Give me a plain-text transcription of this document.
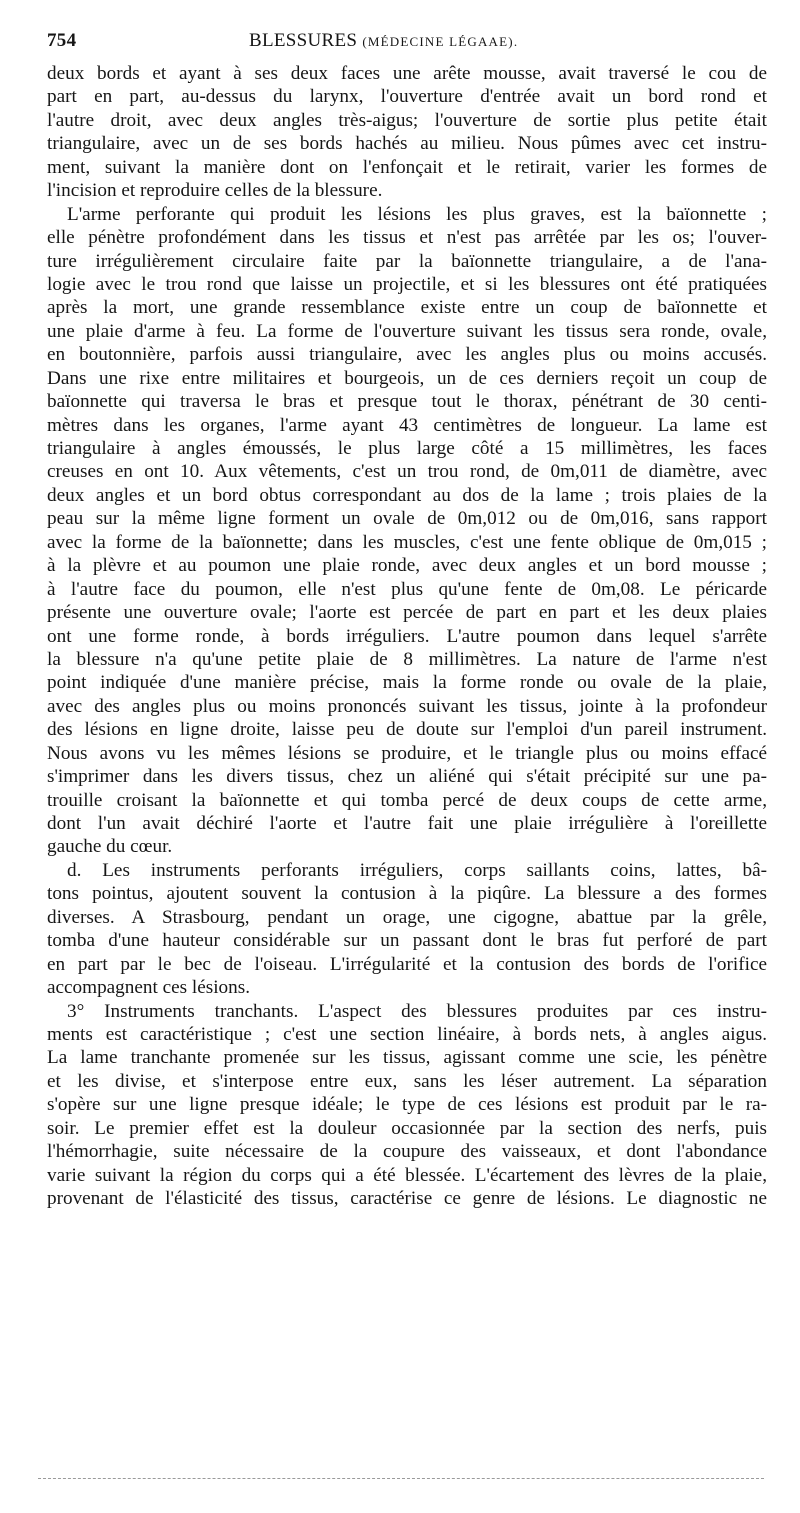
754	BLESSURES (MÉDECINE LÉGAAE).
deux bords et ayant à ses deux faces une arête mousse, avait traversé le cou de
part en part, au-dessus du larynx, l'ouverture d'entrée avait un bord rond et
l'autre droit, avec deux angles très-aigus; l'ouverture de sortie plus petite était
triangulaire, avec un de ses bords hachés au milieu. Nous pûmes avec cet instru-
ment, suivant la manière dont on l'enfonçait et le retirait, varier les formes de
l'incision et reproduire celles de la blessure.
L'arme perforante qui produit les lésions les plus graves, est la baïonnette ;
elle pénètre profondément dans les tissus et n'est pas arrêtée par les os; l'ouver-
ture irrégulièrement circulaire faite par la baïonnette triangulaire, a de l'ana-
logie avec le trou rond que laisse un projectile, et si les blessures ont été pratiquées
après la mort, une grande ressemblance existe entre un coup de baïonnette et
une plaie d'arme à feu. La forme de l'ouverture suivant les tissus sera ronde, ovale,
en boutonnière, parfois aussi triangulaire, avec les angles plus ou moins accusés.
Dans une rixe entre militaires et bourgeois, un de ces derniers reçoit un coup de
baïonnette qui traversa le bras et presque tout le thorax, pénétrant de 30 centi-
mètres dans les organes, l'arme ayant 43 centimètres de longueur. La lame est
triangulaire à angles émoussés, le plus large côté a 15 millimètres, les faces
creuses en ont 10. Aux vêtements, c'est un trou rond, de 0m,011 de diamètre, avec
deux angles et un bord obtus correspondant au dos de la lame ; trois plaies de la
peau sur la même ligne forment un ovale de 0m,012 ou de 0m,016, sans rapport
avec la forme de la baïonnette; dans les muscles, c'est une fente oblique de 0m,015 ;
à la plèvre et au poumon une plaie ronde, avec deux angles et un bord mousse ;
à l'autre face du poumon, elle n'est plus qu'une fente de 0m,08. Le péricarde
présente une ouverture ovale; l'aorte est percée de part en part et les deux plaies
ont une forme ronde, à bords irréguliers. L'autre poumon dans lequel s'arrête
la blessure n'a qu'une petite plaie de 8 millimètres. La nature de l'arme n'est
point indiquée d'une manière précise, mais la forme ronde ou ovale de la plaie,
avec des angles plus ou moins prononcés suivant les tissus, jointe à la profondeur
des lésions en ligne droite, laisse peu de doute sur l'emploi d'un pareil instrument.
Nous avons vu les mêmes lésions se produire, et le triangle plus ou moins effacé
s'imprimer dans les divers tissus, chez un aliéné qui s'était précipité sur une pa-
trouille croisant la baïonnette et qui tomba percé de deux coups de cette arme,
dont l'un avait déchiré l'aorte et l'autre fait une plaie irrégulière à l'oreillette
gauche du cœur.
d. Les instruments perforants irréguliers, corps saillants coins, lattes, bâ-
tons pointus, ajoutent souvent la contusion à la piqûre. La blessure a des formes
diverses. A Strasbourg, pendant un orage, une cigogne, abattue par la grêle,
tomba d'une hauteur considérable sur un passant dont le bras fut perforé de part
en part par le bec de l'oiseau. L'irrégularité et la contusion des bords de l'orifice
accompagnent ces lésions.
3° Instruments tranchants. L'aspect des blessures produites par ces instru-
ments est caractéristique ; c'est une section linéaire, à bords nets, à angles aigus.
La lame tranchante promenée sur les tissus, agissant comme une scie, les pénètre
et les divise, et s'interpose entre eux, sans les léser autrement. La séparation
s'opère sur une ligne presque idéale; le type de ces lésions est produit par le ra-
soir. Le premier effet est la douleur occasionnée par la section des nerfs, puis
l'hémorrhagie, suite nécessaire de la coupure des vaisseaux, et dont l'abondance
varie suivant la région du corps qui a été blessée. L'écartement des lèvres de la plaie,
provenant de l'élasticité des tissus, caractérise ce genre de lésions. Le diagnostic ne
